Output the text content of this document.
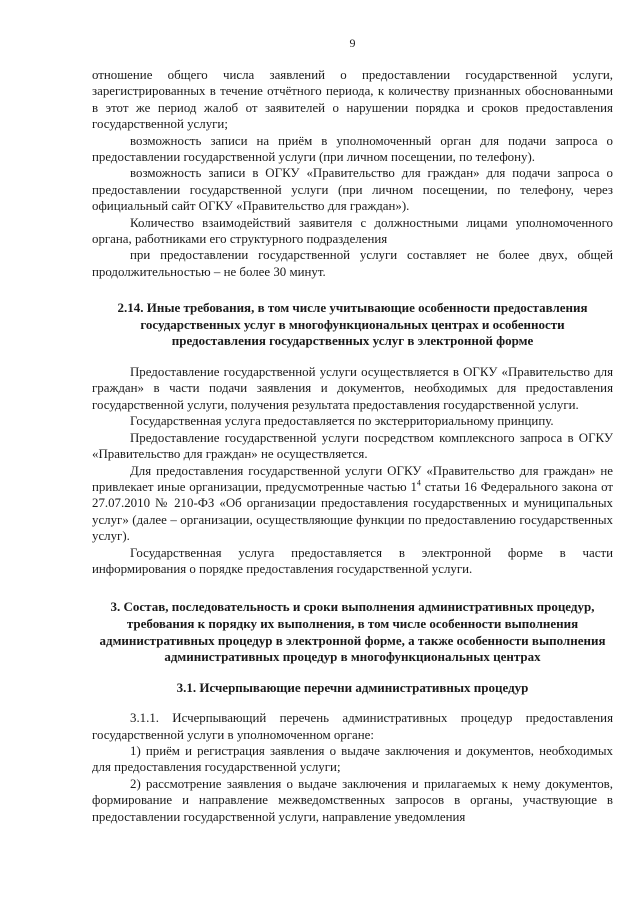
9

отношение общего числа заявлений о предоставлении государственной услуги, зарегистрированных в течение отчётного периода, к количеству признанных обоснованными в этот же период жалоб от заявителей о нарушении порядка и сроков предоставления государственной услуги;

возможность записи на приём в уполномоченный орган для подачи запроса о предоставлении государственной услуги (при личном посещении, по телефону).

возможность записи в ОГКУ «Правительство для граждан» для подачи запроса о предоставлении государственной услуги (при личном посещении, по телефону, через официальный сайт ОГКУ «Правительство для граждан»).

Количество взаимодействий заявителя с должностными лицами уполномоченного органа, работниками его структурного подразделения

при предоставлении государственной услуги составляет не более двух, общей продолжительностью – не более 30 минут.

2.14. Иные требования, в том числе учитывающие особенности предоставления государственных услуг в многофункциональных центрах и особенности предоставления государственных услуг в электронной форме

Предоставление государственной услуги осуществляется в ОГКУ «Правительство для граждан» в части подачи заявления и документов, необходимых для предоставления государственной услуги, получения результата предоставления государственной услуги.

Государственная услуга предоставляется по экстерриториальному принципу.

Предоставление государственной услуги посредством комплексного запроса в ОГКУ «Правительство для граждан» не осуществляется.

Для предоставления государственной услуги ОГКУ «Правительство для граждан» не привлекает иные организации, предусмотренные частью $1^4$ статьи 16 Федерального закона от 27.07.2010 № 210-ФЗ «Об организации предоставления государственных и муниципальных услуг» (далее – организации, осуществляющие функции по предоставлению государственных услуг).

Государственная услуга предоставляется в электронной форме в части информирования о порядке предоставления государственной услуги.

3. Состав, последовательность и сроки выполнения административных процедур, требования к порядку их выполнения, в том числе особенности выполнения административных процедур в электронной форме, а также особенности выполнения административных процедур в многофункциональных центрах
3.1. Исчерпывающие перечни административных процедур

3.1.1. Исчерпывающий перечень административных процедур предоставления государственной услуги в уполномоченном органе:

1) приём и регистрация заявления о выдаче заключения и документов, необходимых для предоставления государственной услуги;

2) рассмотрение заявления о выдаче заключения и прилагаемых к нему документов, формирование и направление межведомственных запросов в органы, участвующие в предоставлении государственной услуги, направление уведомления
